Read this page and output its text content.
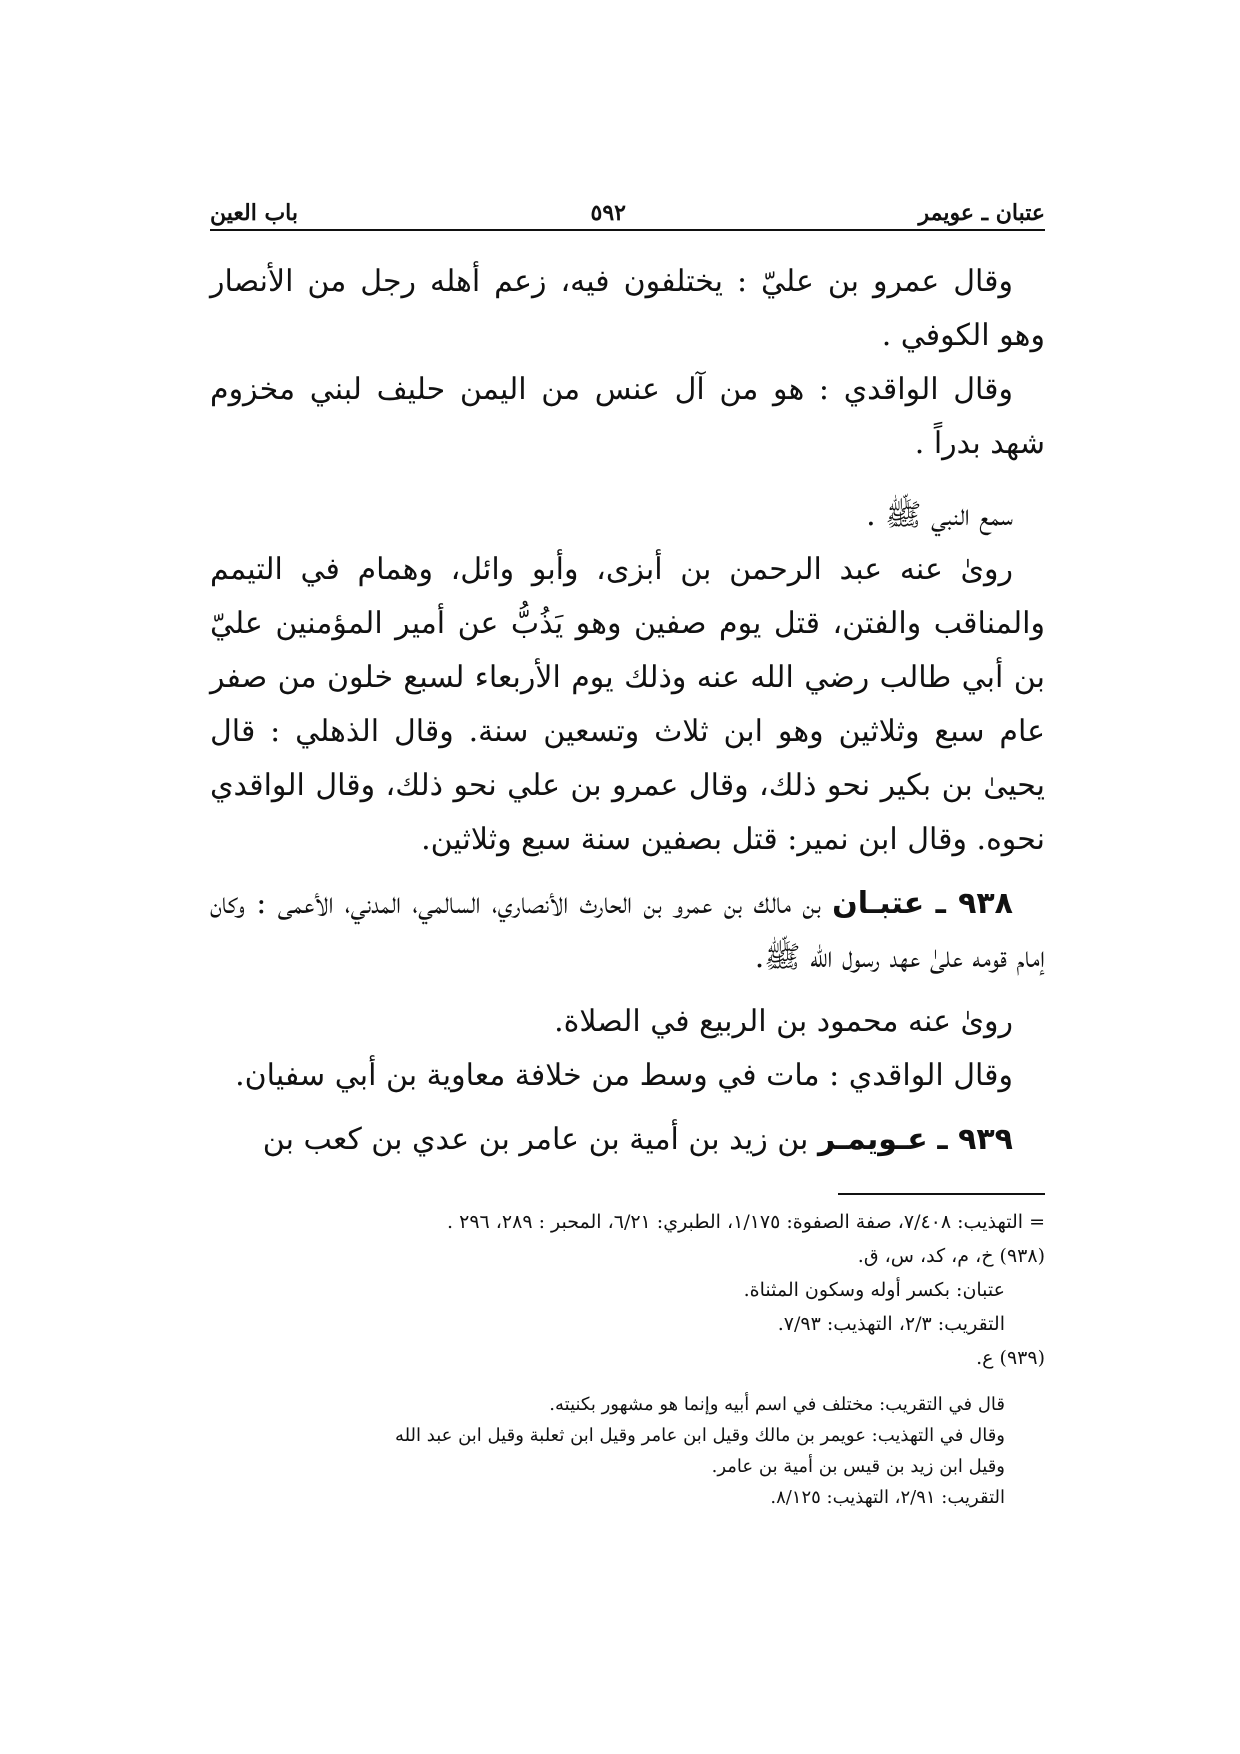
عتبان ـ عويمر
٥٩٢
باب العين

وقال عمرو بن عليّ : يختلفون فيه، زعم أهله رجل من الأنصار وهو الكوفي .

وقال الواقدي : هو من آل عنس من اليمن حليف لبني مخزوم شهد بدراً .

سمع النبي ﷺ .

روىٰ عنه عبد الرحمن بن أبزى، وأبو وائل، وهمام في التيمم والمناقب والفتن، قتل يوم صفين وهو يَذُبُّ عن أمير المؤمنين عليّ بن أبي طالب رضي الله عنه وذلك يوم الأربعاء لسبع خلون من صفر عام سبع وثلاثين وهو ابن ثلاث وتسعين سنة. وقال الذهلي : قال يحيىٰ بن بكير نحو ذلك، وقال عمرو بن علي نحو ذلك، وقال الواقدي نحوه. وقال ابن نمير: قتل بصفين سنة سبع وثلاثين.

٩٣٨ ـ عتبـان بن مالك بن عمرو بن الحارث الأنصاري، السالمي، المدني، الأعمى : وكان إمام قومه علىٰ عهد رسول الله ﷺ.

روىٰ عنه محمود بن الربيع في الصلاة.

وقال الواقدي : مات في وسط من خلافة معاوية بن أبي سفيان.

٩٣٩ ـ عـويمـر بن زيد بن أمية بن عامر بن عدي بن كعب بن

= التهذيب: ٧/٤٠٨، صفة الصفوة: ١/١٧٥، الطبري: ٦/٢١، المحبر : ٢٨٩، ٢٩٦ .

(٩٣٨) خ، م، كد، س، ق.

عتبان: بكسر أوله وسكون المثناة.

التقريب: ٢/٣، التهذيب: ٧/٩٣.

(٩٣٩) ع.

قال في التقريب: مختلف في اسم أبيه وإنما هو مشهور بكنيته.

وقال في التهذيب: عويمر بن مالك وقيل ابن عامر وقيل ابن ثعلبة وقيل ابن عبد الله

وقيل ابن زيد بن قيس بن أمية بن عامر.

التقريب: ٢/٩١، التهذيب: ٨/١٢٥.
